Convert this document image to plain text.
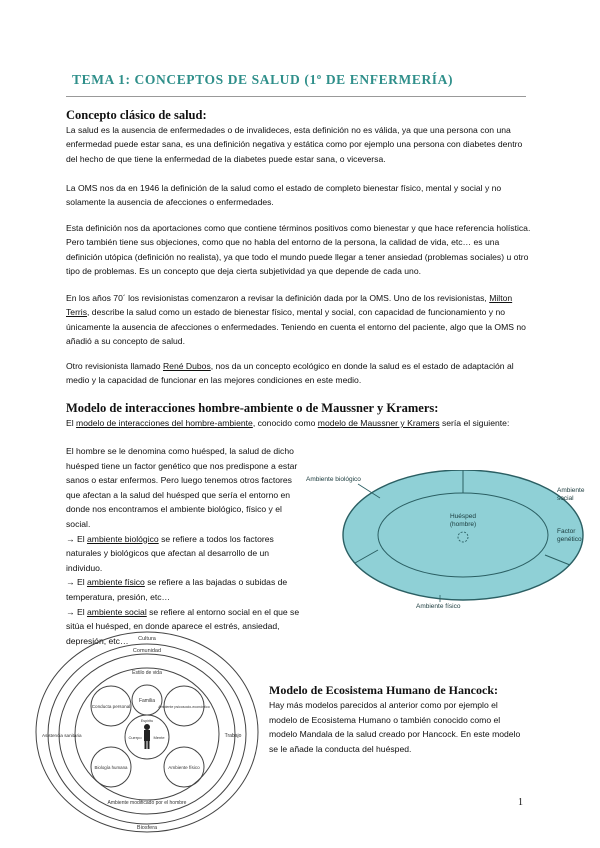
TEMA 1: CONCEPTOS DE SALUD (1º DE ENFERMERÍA)
Concepto clásico de salud:
La salud es la ausencia de enfermedades o de invalideces, esta definición no es válida, ya que una persona con una enfermedad puede estar sana, es una definición negativa y estática como por ejemplo una persona con diabetes dentro del hecho de que tiene la enfermedad de la diabetes puede estar sana, o viceversa.
La OMS nos da en 1946 la definición de la salud como el estado de completo bienestar físico, mental y social y no solamente la ausencia de afecciones o enfermedades.
Esta definición nos da aportaciones como que contiene términos positivos como bienestar y que hace referencia holística. Pero también tiene sus objeciones, como que no habla del entorno de la persona, la calidad de vida, etc… es una definición utópica (definición no realista), ya que todo el mundo puede llegar a tener ansiedad (problemas sociales) u otro tipo de problemas. Es un concepto que deja cierta subjetividad ya que depende de cada uno.
En los años 70´ los revisionistas comenzaron a revisar la definición dada por la OMS. Uno de los revisionistas, Milton Terris, describe la salud como un estado de bienestar físico, mental y social, con capacidad de funcionamiento y no únicamente la ausencia de afecciones o enfermedades. Teniendo en cuenta el entorno del paciente, algo que la OMS no añadió a su concepto de salud.
Otro revisionista llamado René Dubos, nos da un concepto ecológico en donde la salud es el estado de adaptación al medio y la capacidad de funcionar en las mejores condiciones en este medio.
Modelo de interacciones hombre-ambiente o de Maussner y Kramers:
El modelo de interacciones del hombre-ambiente, conocido como modelo de Maussner y Kramers sería el siguiente:

El hombre se le denomina como huésped, la salud de dicho huésped tiene un factor genético que nos predispone a estar sanos o estar enfermos. Pero luego tenemos otros factores que afectan a la salud del huésped que sería el entorno en donde nos encontramos el ambiente biológico, físico y el social.

→ El ambiente biológico se refiere a todos los factores naturales y biológicos que afectan al desarrollo de un individuo.

→ El ambiente físico se refiere a las bajadas o subidas de temperatura, presión, etc…

→ El ambiente social se refiere al entorno social en el que se sitúa el huésped, en donde aparece el estrés, ansiedad, depresión, etc…

Huésped
(hombre)
Ambiente biológico
Ambiente social
Factor genético
Ambiente físico
Cultura
Comunidad
Estilo de vida
Conducta personal
Familia
Ambiente psicosocio-económico
Asistencia sanitaria	Trabajo
Cuerpo	Mente
Espíritu
Biología humana	Ambiente físico
Ambiente modificado por el hombre
Biosfera
Modelo de Ecosistema Humano de Hancock:

Hay más modelos parecidos al anterior como por ejemplo el modelo de Ecosistema Humano o también conocido como el modelo Mandala de la salud creado por Hancock. En este modelo se le añade la conducta del huésped.

1
